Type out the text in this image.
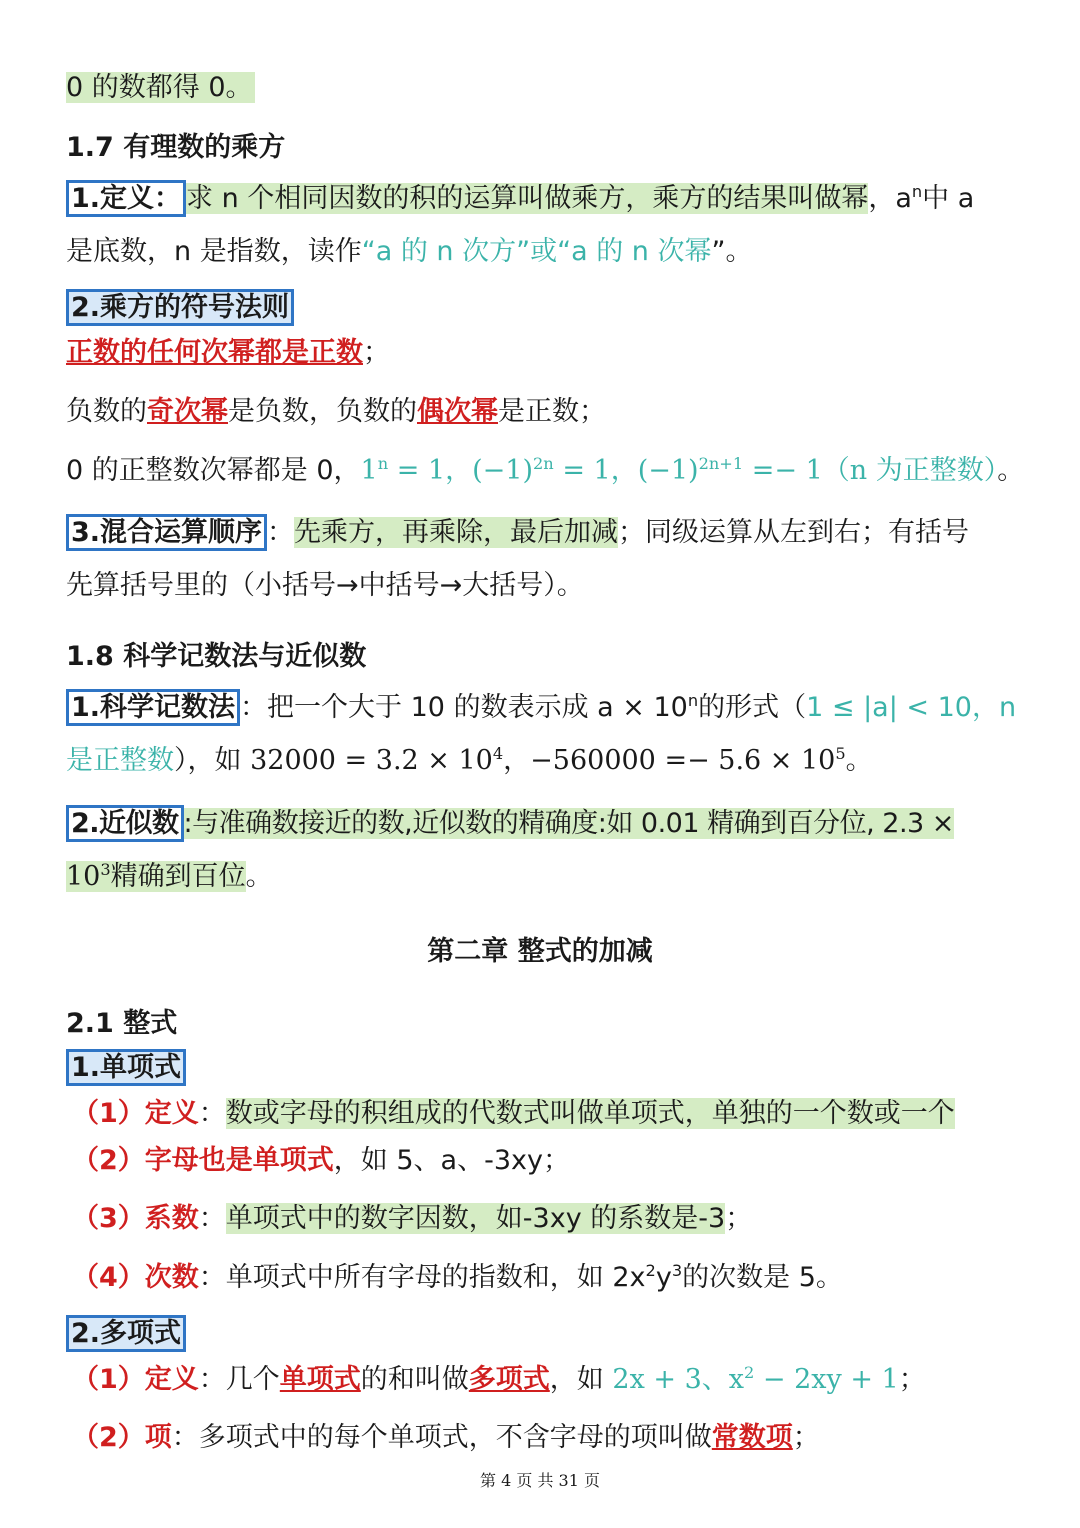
0 的数都得 0。
1.7 有理数的乘方
1.定义： 求 n 个相同因数的积的运算叫做乘方，乘方的结果叫做幂，$a^n$中 a
是底数，n 是指数，读作“a 的 n 次方”或“a 的 n 次幂”。
2.乘方的符号法则
正数的任何次幂都是正数；
负数的奇次幂是负数，负数的偶次幂是正数；
0 的正整数次幂都是 0，$1^n = 1$，$(-1)^{2n} = 1$，$(-1)^{2n+1} =- 1(n$ 为正整数）。
3.混合运算顺序 ：先乘方，再乘除，最后加减；同级运算从左到右；有括号
先算括号里的（小括号→中括号→大括号）。
1.8 科学记数法与近似数
1.科学记数法 ：把一个大于 10 的数表示成 $a \times 10^n$的形式（1 ≤ |a| < 10，n
是正整数），如 $32000 = 3.2 \times 10^4$，$-560000 =- 5.6 \times 10^5$。
2.近似数 :与准确数接近的数,近似数的精确度:如 0.01 精确到百分位, 2.3 ×
$10^3$精确到百位。
第二章 整式的加减
2.1 整式
1.单项式
（1）定义：数或字母的积组成的代数式叫做单项式，单独的一个数或一个
（2）字母也是单项式，如 5、a、-3xy；
（3）系数：单项式中的数字因数，如-3xy 的系数是-3；
（4）次数：单项式中所有字母的指数和，如 $2x^2y^3$的次数是 5。
2.多项式
（1）定义：几个单项式的和叫做多项式，如 2x + 3、$x^2 - 2xy + 1$；
（2）项：多项式中的每个单项式，不含字母的项叫做常数项；
第 4 页 共 31 页
